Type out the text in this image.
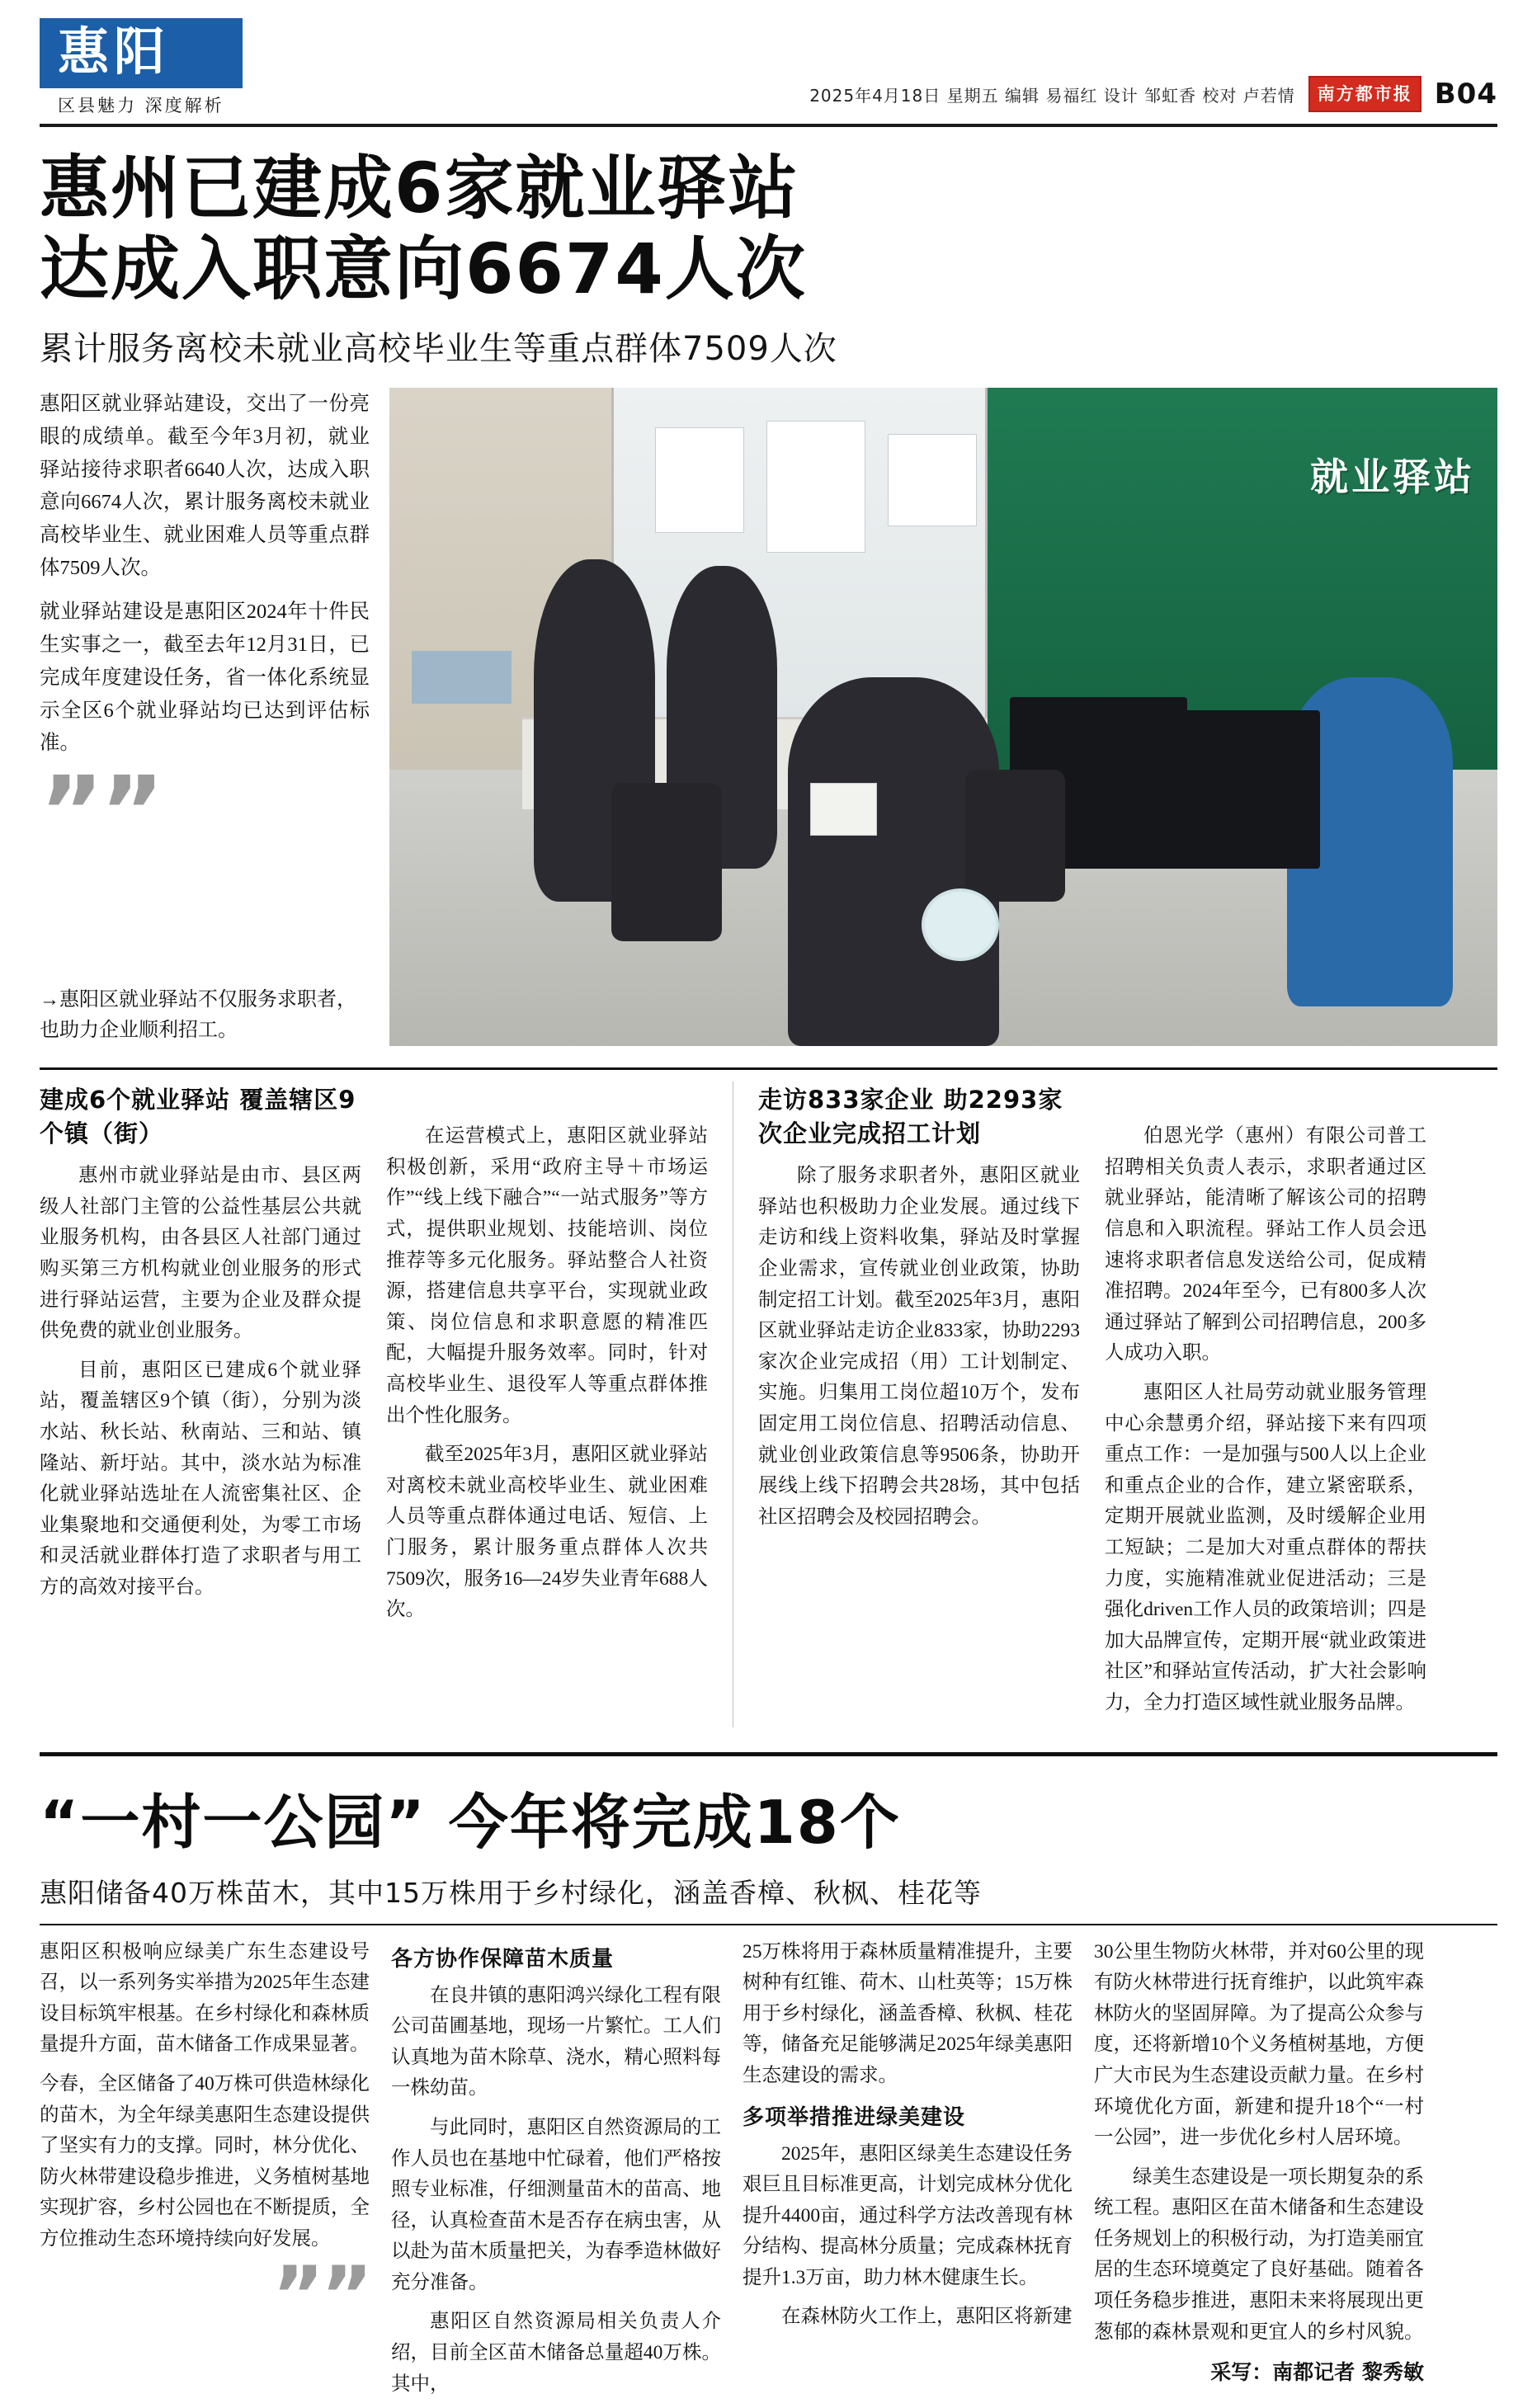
惠阳
区县魅力 深度解析
2025年4月18日 星期五 编辑 易福红 设计 邹虹香 校对 卢若情	南方都市报 B04
惠州已建成6家就业驿站
达成入职意向6674人次
累计服务离校未就业高校毕业生等重点群体7509人次

惠阳区就业驿站建设，交出了一份亮眼的成绩单。截至今年3月初，就业驿站接待求职者6640人次，达成入职意向6674人次，累计服务离校未就业高校毕业生、就业困难人员等重点群体7509人次。

就业驿站建设是惠阳区2024年十件民生实事之一，截至去年12月31日，已完成年度建设任务，省一体化系统显示全区6个就业驿站均已达到评估标准。

””
→惠阳区就业驿站不仅服务求职者，也助力企业顺利招工。
就业驿站
建成6个就业驿站 覆盖辖区9个镇（街）

惠州市就业驿站是由市、县区两级人社部门主管的公益性基层公共就业服务机构，由各县区人社部门通过购买第三方机构就业创业服务的形式进行驿站运营，主要为企业及群众提供免费的就业创业服务。

目前，惠阳区已建成6个就业驿站，覆盖辖区9个镇（街），分别为淡水站、秋长站、秋南站、三和站、镇隆站、新圩站。其中，淡水站为标准化就业驿站选址在人流密集社区、企业集聚地和交通便利处，为零工市场和灵活就业群体打造了求职者与用工方的高效对接平台。

在运营模式上，惠阳区就业驿站积极创新，采用“政府主导＋市场运作”“线上线下融合”“一站式服务”等方式，提供职业规划、技能培训、岗位推荐等多元化服务。驿站整合人社资源，搭建信息共享平台，实现就业政策、岗位信息和求职意愿的精准匹配，大幅提升服务效率。同时，针对高校毕业生、退役军人等重点群体推出个性化服务。

截至2025年3月，惠阳区就业驿站对离校未就业高校毕业生、就业困难人员等重点群体通过电话、短信、上门服务，累计服务重点群体人次共7509次，服务16—24岁失业青年688人次。

走访833家企业 助2293家次企业完成招工计划

除了服务求职者外，惠阳区就业驿站也积极助力企业发展。通过线下走访和线上资料收集，驿站及时掌握企业需求，宣传就业创业政策，协助制定招工计划。截至2025年3月，惠阳区就业驿站走访企业833家，协助2293家次企业完成招（用）工计划制定、实施。归集用工岗位超10万个，发布固定用工岗位信息、招聘活动信息、就业创业政策信息等9506条，协助开展线上线下招聘会共28场，其中包括社区招聘会及校园招聘会。

伯恩光学（惠州）有限公司普工招聘相关负责人表示，求职者通过区就业驿站，能清晰了解该公司的招聘信息和入职流程。驿站工作人员会迅速将求职者信息发送给公司，促成精准招聘。2024年至今，已有800多人次通过驿站了解到公司招聘信息，200多人成功入职。

惠阳区人社局劳动就业服务管理中心余慧勇介绍，驿站接下来有四项重点工作：一是加强与500人以上企业和重点企业的合作，建立紧密联系，定期开展就业监测，及时缓解企业用工短缺；二是加大对重点群体的帮扶力度，实施精准就业促进活动；三是强化driven工作人员的政策培训；四是加大品牌宣传，定期开展“就业政策进社区”和驿站宣传活动，扩大社会影响力，全力打造区域性就业服务品牌。

“一村一公园” 今年将完成18个
惠阳储备40万株苗木，其中15万株用于乡村绿化，涵盖香樟、秋枫、桂花等

惠阳区积极响应绿美广东生态建设号召，以一系列务实举措为2025年生态建设目标筑牢根基。在乡村绿化和森林质量提升方面，苗木储备工作成果显著。

今春，全区储备了40万株可供造林绿化的苗木，为全年绿美惠阳生态建设提供了坚实有力的支撑。同时，林分优化、防火林带建设稳步推进，义务植树基地实现扩容，乡村公园也在不断提质，全方位推动生态环境持续向好发展。

””
各方协作保障苗木质量

在良井镇的惠阳鸿兴绿化工程有限公司苗圃基地，现场一片繁忙。工人们认真地为苗木除草、浇水，精心照料每一株幼苗。

与此同时，惠阳区自然资源局的工作人员也在基地中忙碌着，他们严格按照专业标准，仔细测量苗木的苗高、地径，认真检查苗木是否存在病虫害，从以赴为苗木质量把关，为春季造林做好充分准备。

惠阳区自然资源局相关负责人介绍，目前全区苗木储备总量超40万株。其中，

25万株将用于森林质量精准提升，主要树种有红锥、荷木、山杜英等；15万株用于乡村绿化，涵盖香樟、秋枫、桂花等，储备充足能够满足2025年绿美惠阳生态建设的需求。

多项举措推进绿美建设

2025年，惠阳区绿美生态建设任务艰巨且目标准更高，计划完成林分优化提升4400亩，通过科学方法改善现有林分结构、提高林分质量；完成森林抚育提升1.3万亩，助力林木健康生长。

在森林防火工作上，惠阳区将新建

30公里生物防火林带，并对60公里的现有防火林带进行抚育维护，以此筑牢森林防火的坚固屏障。为了提高公众参与度，还将新增10个义务植树基地，方便广大市民为生态建设贡献力量。在乡村环境优化方面，新建和提升18个“一村一公园”，进一步优化乡村人居环境。

绿美生态建设是一项长期复杂的系统工程。惠阳区在苗木储备和生态建设任务规划上的积极行动，为打造美丽宜居的生态环境奠定了良好基础。随着各项任务稳步推进，惠阳未来将展现出更葱郁的森林景观和更宜人的乡村风貌。

采写：南都记者 黎秀敏
